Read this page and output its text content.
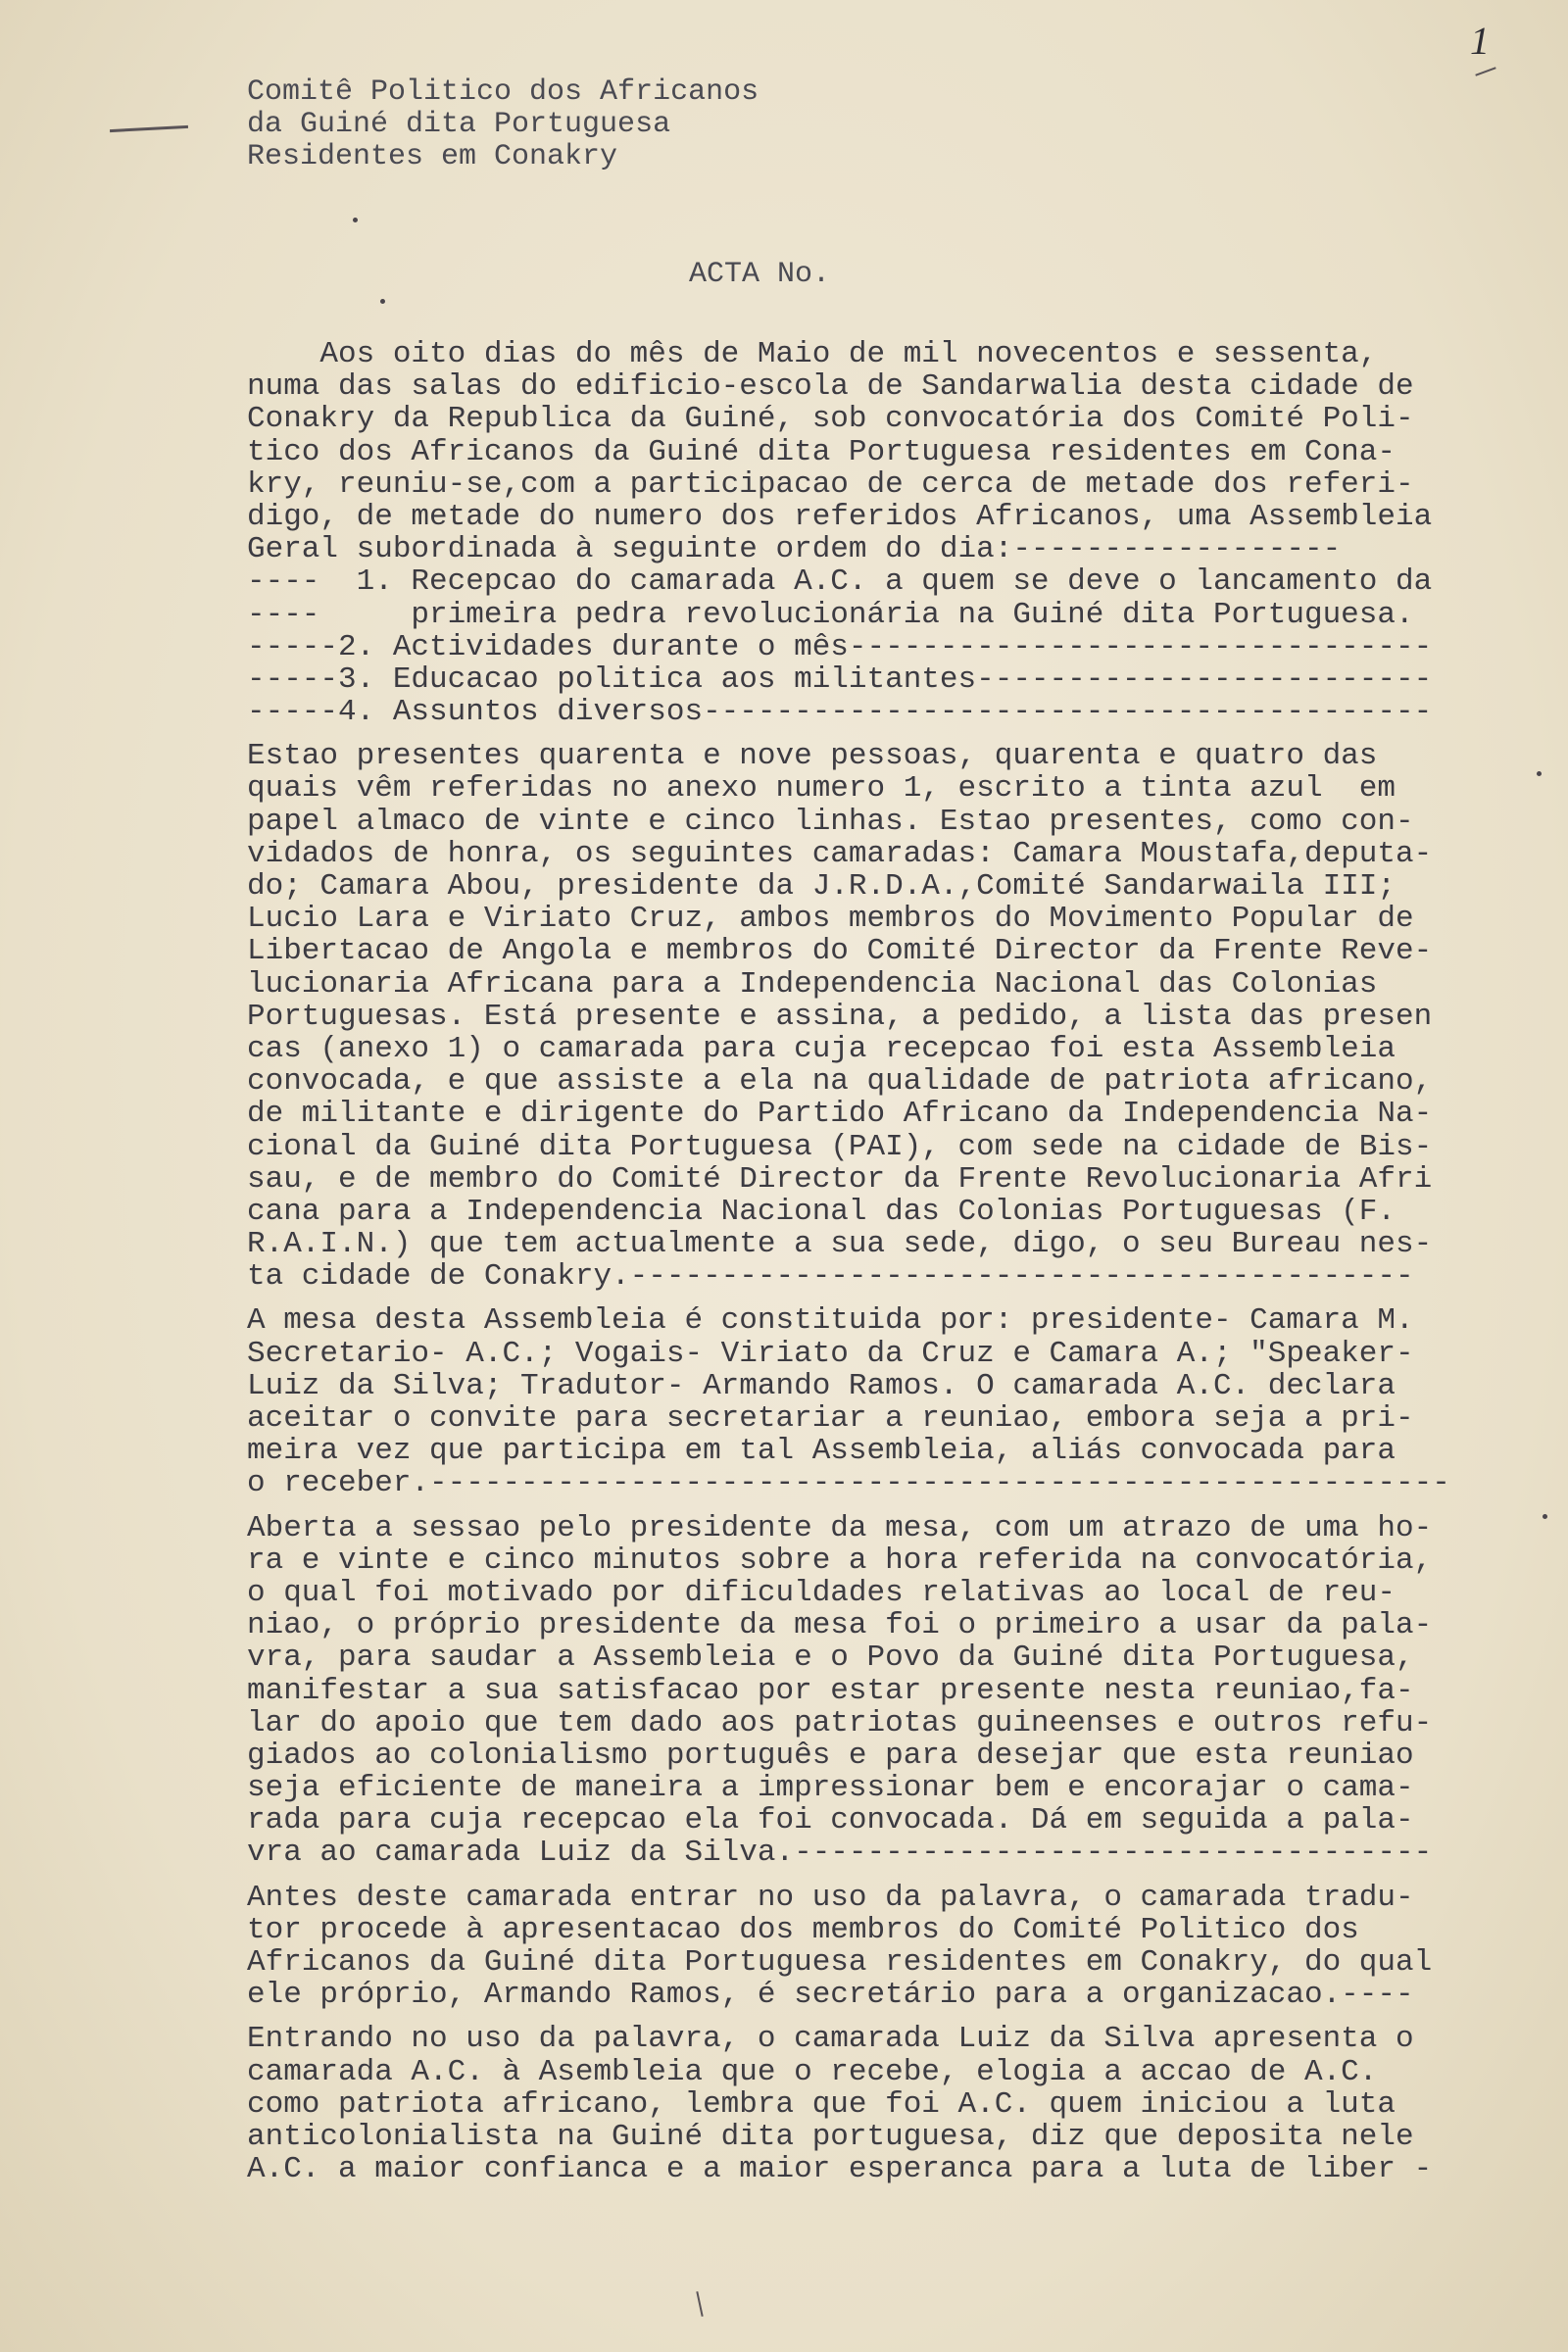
1
Comitê Politico dos Africanos
da Guiné dita Portuguesa
Residentes em Conakry
ACTA No.
Aos oito dias do mês de Maio de mil novecentos e sessenta,
numa das salas do edificio-escola de Sandarwalia desta cidade de
Conakry da Republica da Guiné, sob convocatória dos Comité Poli-
tico dos Africanos da Guiné dita Portuguesa residentes em Cona-
kry, reuniu-se,com a participacao de cerca de metade dos referi-
digo, de metade do numero dos referidos Africanos, uma Assembleia
Geral subordinada à seguinte ordem do dia:------------------
----  1. Recepcao do camarada A.C. a quem se deve o lancamento da
----     primeira pedra revolucionária na Guiné dita Portuguesa.
-----2. Actividades durante o mês--------------------------------
-----3. Educacao politica aos militantes-------------------------
-----4. Assuntos diversos----------------------------------------
Estao presentes quarenta e nove pessoas, quarenta e quatro das
quais vêm referidas no anexo numero 1, escrito a tinta azul  em
papel almaco de vinte e cinco linhas. Estao presentes, como con-
vidados de honra, os seguintes camaradas: Camara Moustafa,deputa-
do; Camara Abou, presidente da J.R.D.A.,Comité Sandarwaila III;
Lucio Lara e Viriato Cruz, ambos membros do Movimento Popular de
Libertacao de Angola e membros do Comité Director da Frente Reve-
lucionaria Africana para a Independencia Nacional das Colonias
Portuguesas. Está presente e assina, a pedido, a lista das presen
cas (anexo 1) o camarada para cuja recepcao foi esta Assembleia
convocada, e que assiste a ela na qualidade de patriota africano,
de militante e dirigente do Partido Africano da Independencia Na-
cional da Guiné dita Portuguesa (PAI), com sede na cidade de Bis-
sau, e de membro do Comité Director da Frente Revolucionaria Afri
cana para a Independencia Nacional das Colonias Portuguesas (F.
R.A.I.N.) que tem actualmente a sua sede, digo, o seu Bureau nes-
ta cidade de Conakry.-------------------------------------------
A mesa desta Assembleia é constituida por: presidente- Camara M.
Secretario- A.C.; Vogais- Viriato da Cruz e Camara A.; "Speaker-
Luiz da Silva; Tradutor- Armando Ramos. O camarada A.C. declara
aceitar o convite para secretariar a reuniao, embora seja a pri-
meira vez que participa em tal Assembleia, aliás convocada para
o receber.--------------------------------------------------------
Aberta a sessao pelo presidente da mesa, com um atrazo de uma ho-
ra e vinte e cinco minutos sobre a hora referida na convocatória,
o qual foi motivado por dificuldades relativas ao local de reu-
niao, o próprio presidente da mesa foi o primeiro a usar da pala-
vra, para saudar a Assembleia e o Povo da Guiné dita Portuguesa,
manifestar a sua satisfacao por estar presente nesta reuniao,fa-
lar do apoio que tem dado aos patriotas guineenses e outros refu-
giados ao colonialismo português e para desejar que esta reuniao
seja eficiente de maneira a impressionar bem e encorajar o cama-
rada para cuja recepcao ela foi convocada. Dá em seguida a pala-
vra ao camarada Luiz da Silva.-----------------------------------
Antes deste camarada entrar no uso da palavra, o camarada tradu-
tor procede à apresentacao dos membros do Comité Politico dos
Africanos da Guiné dita Portuguesa residentes em Conakry, do qual
ele próprio, Armando Ramos, é secretário para a organizacao.----
Entrando no uso da palavra, o camarada Luiz da Silva apresenta o
camarada A.C. à Asembleia que o recebe, elogia a accao de A.C.
como patriota africano, lembra que foi A.C. quem iniciou a luta
anticolonialista na Guiné dita portuguesa, diz que deposita nele
A.C. a maior confianca e a maior esperanca para a luta de liber -
